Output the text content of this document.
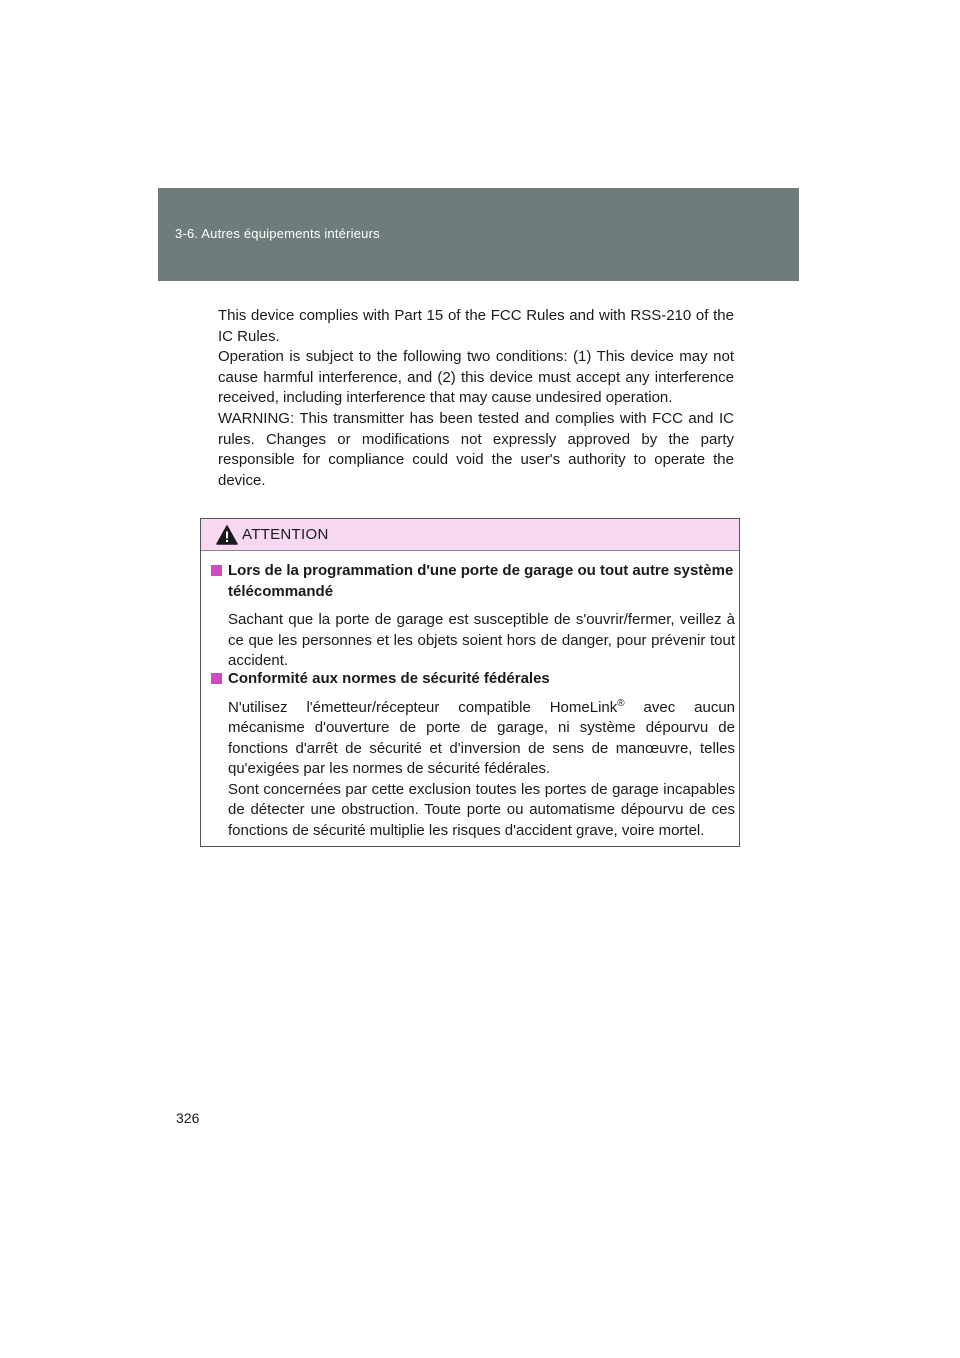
3-6. Autres équipements intérieurs

This device complies with Part 15 of the FCC Rules and with RSS-210 of the IC Rules.

Operation is subject to the following two conditions: (1) This device may not cause harmful interference, and (2) this device must accept any interference received, including interference that may cause undesired operation.

WARNING: This transmitter has been tested and complies with FCC and IC rules. Changes or modifications not expressly approved by the party responsible for compliance could void the user's authority to operate the device.

ATTENTION
Lors de la programmation d'une porte de garage ou tout autre système télécommandé

Sachant que la porte de garage est susceptible de s'ouvrir/fermer, veillez à ce que les personnes et les objets soient hors de danger, pour prévenir tout accident.

Conformité aux normes de sécurité fédérales

N'utilisez l'émetteur/récepteur compatible HomeLink® avec aucun mécanisme d'ouverture de porte de garage, ni système dépourvu de fonctions d'arrêt de sécurité et d'inversion de sens de manœuvre, telles qu'exigées par les normes de sécurité fédérales.

Sont concernées par cette exclusion toutes les portes de garage incapables de détecter une obstruction. Toute porte ou automatisme dépourvu de ces fonctions de sécurité multiplie les risques d'accident grave, voire mortel.

326
